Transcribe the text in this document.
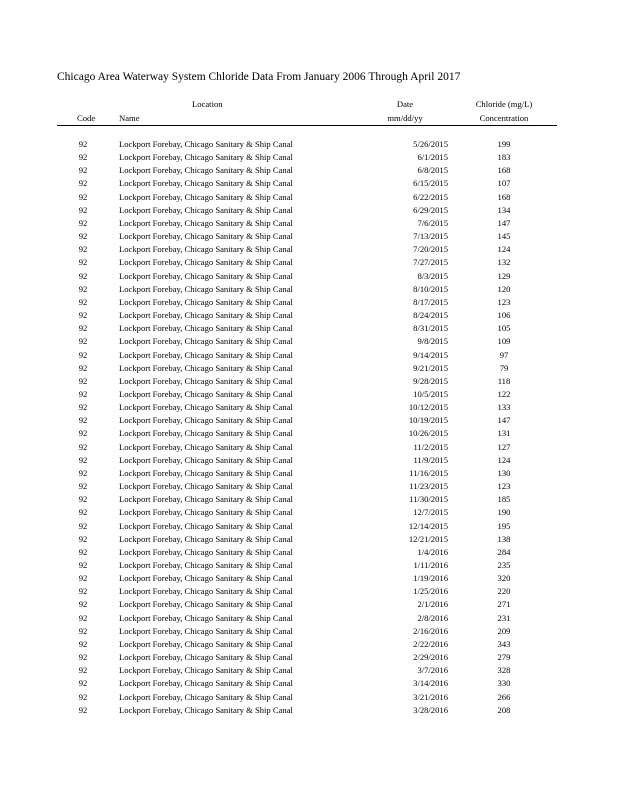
Chicago Area Waterway System Chloride Data From January 2006 Through April 2017
Location
Code	Name
Date
mm/dd/yy
Chloride (mg/L)
Concentration
92	Lockport Forebay, Chicago Sanitary & Ship Canal	5/26/2015	199
92	Lockport Forebay, Chicago Sanitary & Ship Canal	6/1/2015	183
92	Lockport Forebay, Chicago Sanitary & Ship Canal	6/8/2015	168
92	Lockport Forebay, Chicago Sanitary & Ship Canal	6/15/2015	107
92	Lockport Forebay, Chicago Sanitary & Ship Canal	6/22/2015	168
92	Lockport Forebay, Chicago Sanitary & Ship Canal	6/29/2015	134
92	Lockport Forebay, Chicago Sanitary & Ship Canal	7/6/2015	147
92	Lockport Forebay, Chicago Sanitary & Ship Canal	7/13/2015	145
92	Lockport Forebay, Chicago Sanitary & Ship Canal	7/20/2015	124
92	Lockport Forebay, Chicago Sanitary & Ship Canal	7/27/2015	132
92	Lockport Forebay, Chicago Sanitary & Ship Canal	8/3/2015	129
92	Lockport Forebay, Chicago Sanitary & Ship Canal	8/10/2015	120
92	Lockport Forebay, Chicago Sanitary & Ship Canal	8/17/2015	123
92	Lockport Forebay, Chicago Sanitary & Ship Canal	8/24/2015	106
92	Lockport Forebay, Chicago Sanitary & Ship Canal	8/31/2015	105
92	Lockport Forebay, Chicago Sanitary & Ship Canal	9/8/2015	109
92	Lockport Forebay, Chicago Sanitary & Ship Canal	9/14/2015	97
92	Lockport Forebay, Chicago Sanitary & Ship Canal	9/21/2015	79
92	Lockport Forebay, Chicago Sanitary & Ship Canal	9/28/2015	118
92	Lockport Forebay, Chicago Sanitary & Ship Canal	10/5/2015	122
92	Lockport Forebay, Chicago Sanitary & Ship Canal	10/12/2015	133
92	Lockport Forebay, Chicago Sanitary & Ship Canal	10/19/2015	147
92	Lockport Forebay, Chicago Sanitary & Ship Canal	10/26/2015	131
92	Lockport Forebay, Chicago Sanitary & Ship Canal	11/2/2015	127
92	Lockport Forebay, Chicago Sanitary & Ship Canal	11/9/2015	124
92	Lockport Forebay, Chicago Sanitary & Ship Canal	11/16/2015	130
92	Lockport Forebay, Chicago Sanitary & Ship Canal	11/23/2015	123
92	Lockport Forebay, Chicago Sanitary & Ship Canal	11/30/2015	185
92	Lockport Forebay, Chicago Sanitary & Ship Canal	12/7/2015	190
92	Lockport Forebay, Chicago Sanitary & Ship Canal	12/14/2015	195
92	Lockport Forebay, Chicago Sanitary & Ship Canal	12/21/2015	138
92	Lockport Forebay, Chicago Sanitary & Ship Canal	1/4/2016	284
92	Lockport Forebay, Chicago Sanitary & Ship Canal	1/11/2016	235
92	Lockport Forebay, Chicago Sanitary & Ship Canal	1/19/2016	320
92	Lockport Forebay, Chicago Sanitary & Ship Canal	1/25/2016	220
92	Lockport Forebay, Chicago Sanitary & Ship Canal	2/1/2016	271
92	Lockport Forebay, Chicago Sanitary & Ship Canal	2/8/2016	231
92	Lockport Forebay, Chicago Sanitary & Ship Canal	2/16/2016	209
92	Lockport Forebay, Chicago Sanitary & Ship Canal	2/22/2016	343
92	Lockport Forebay, Chicago Sanitary & Ship Canal	2/29/2016	279
92	Lockport Forebay, Chicago Sanitary & Ship Canal	3/7/2016	328
92	Lockport Forebay, Chicago Sanitary & Ship Canal	3/14/2016	330
92	Lockport Forebay, Chicago Sanitary & Ship Canal	3/21/2016	266
92	Lockport Forebay, Chicago Sanitary & Ship Canal	3/28/2016	208
